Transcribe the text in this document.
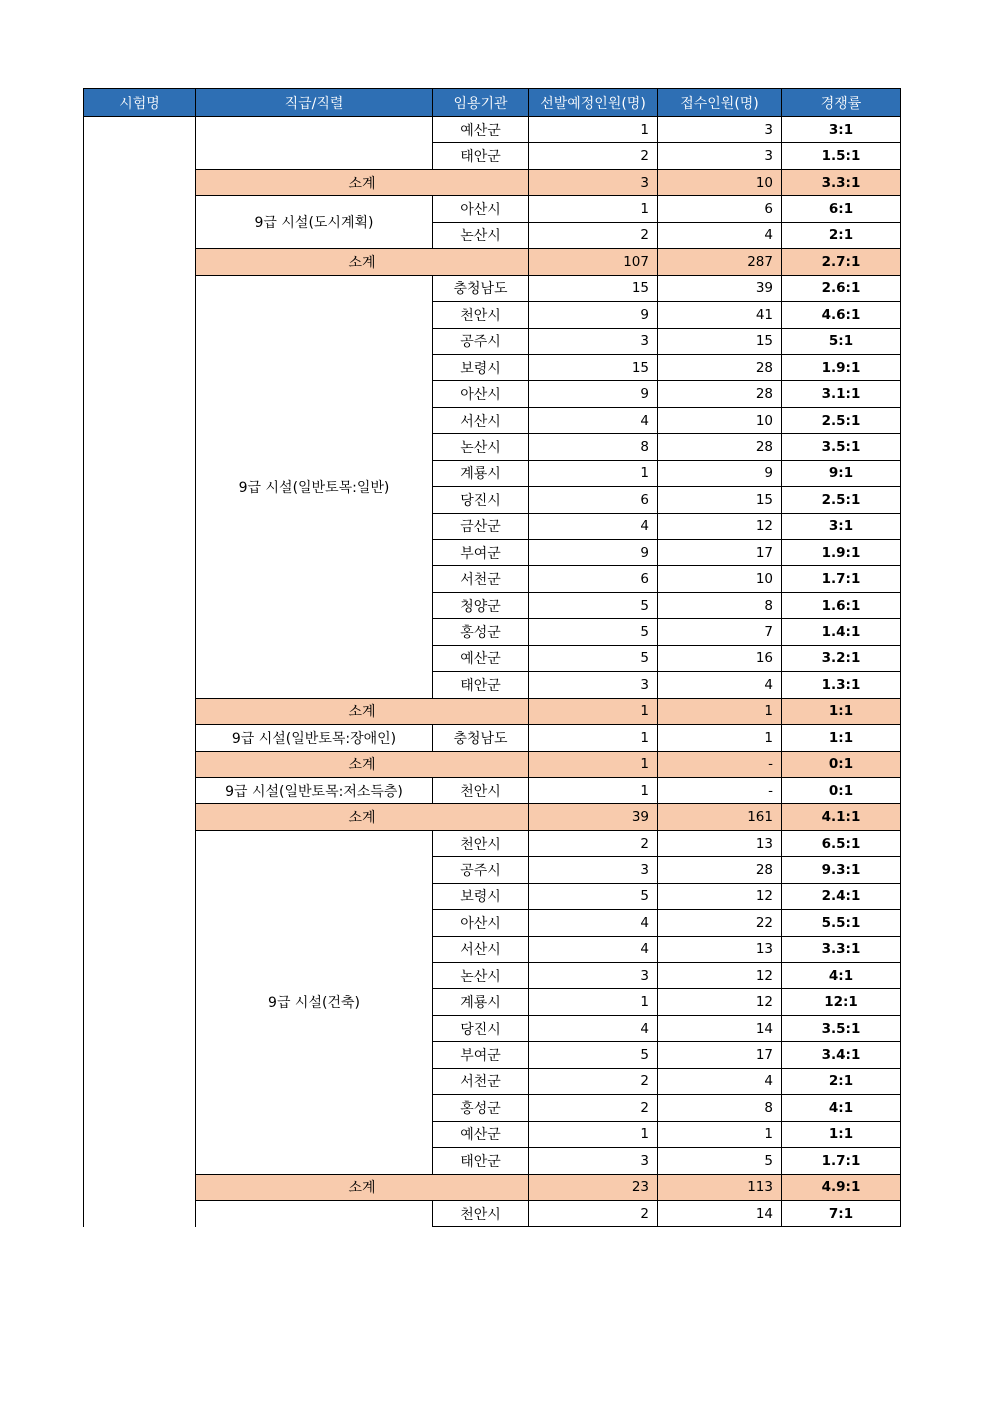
시험명	직급/직렬	임용기관	선발예정인원(명)	접수인원(명)	경쟁률
		예산군	1	3	3:1
		태안군	2	3	1.5:1
	소계		3	10	3.3:1
	9급 시설(도시계획)	아산시	1	6	6:1
		논산시	2	4	2:1
	소계		107	287	2.7:1
	9급 시설(일반토목:일반)	충청남도	15	39	2.6:1
		천안시	9	41	4.6:1
		공주시	3	15	5:1
		보령시	15	28	1.9:1
		아산시	9	28	3.1:1
		서산시	4	10	2.5:1
		논산시	8	28	3.5:1
		계룡시	1	9	9:1
		당진시	6	15	2.5:1
		금산군	4	12	3:1
		부여군	9	17	1.9:1
		서천군	6	10	1.7:1
		청양군	5	8	1.6:1
		홍성군	5	7	1.4:1
		예산군	5	16	3.2:1
		태안군	3	4	1.3:1
	소계		1	1	1:1
	9급 시설(일반토목:장애인)	충청남도	1	1	1:1
	소계		1	-	0:1
	9급 시설(일반토목:저소득층)	천안시	1	-	0:1
	소계		39	161	4.1:1
	9급 시설(건축)	천안시	2	13	6.5:1
		공주시	3	28	9.3:1
		보령시	5	12	2.4:1
		아산시	4	22	5.5:1
		서산시	4	13	3.3:1
		논산시	3	12	4:1
		계룡시	1	12	12:1
		당진시	4	14	3.5:1
		부여군	5	17	3.4:1
		서천군	2	4	2:1
		홍성군	2	8	4:1
		예산군	1	1	1:1
		태안군	3	5	1.7:1
	소계		23	113	4.9:1
		천안시	2	14	7:1
